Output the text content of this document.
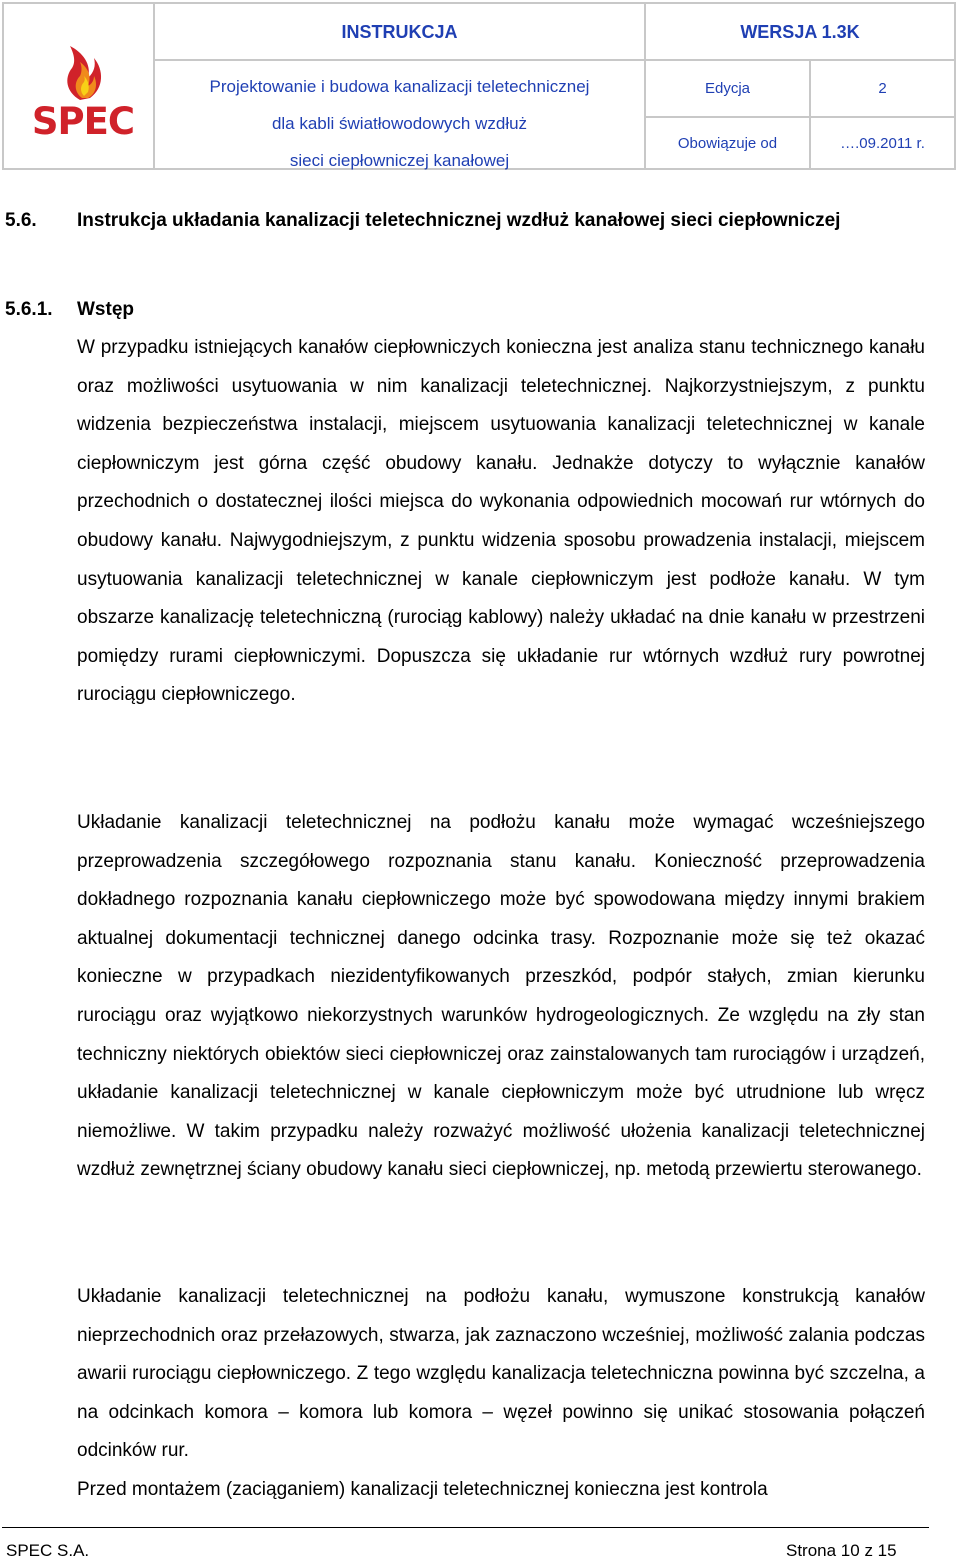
SPEC
INSTRUKCJA	WERSJA 1.3K
Projektowanie i budowa kanalizacji teletechnicznej
dla kabli światłowodowych wzdłuż
sieci ciepłowniczej kanałowej
Edycja	2
Obowiązuje od	….09.2011 r.
5.6. Instrukcja układania kanalizacji teletechnicznej wzdłuż kanałowej sieci ciepłowniczej
5.6.1. Wstęp

W przypadku istniejących kanałów ciepłowniczych konieczna jest analiza stanu technicznego kanału oraz możliwości usytuowania w nim kanalizacji teletechnicznej. Najkorzystniejszym, z punktu widzenia bezpieczeństwa instalacji, miejscem usytuowania kanalizacji teletechnicznej w kanale ciepłowniczym jest górna część obudowy kanału. Jednakże dotyczy to wyłącznie kanałów przechodnich o dostatecznej ilości miejsca do wykonania odpowiednich mocowań rur wtórnych do obudowy kanału. Najwygodniejszym, z punktu widzenia sposobu prowadzenia instalacji, miejscem usytuowania kanalizacji teletechnicznej w kanale ciepłowniczym jest podłoże kanału. W tym obszarze kanalizację teletechniczną (rurociąg kablowy) należy układać na dnie kanału w przestrzeni pomiędzy rurami ciepłowniczymi. Dopuszcza się układanie rur wtórnych wzdłuż rury powrotnej rurociągu ciepłowniczego.

Układanie kanalizacji teletechnicznej na podłożu kanału może wymagać wcześniejszego przeprowadzenia szczegółowego rozpoznania stanu kanału. Konieczność przeprowadzenia dokładnego rozpoznania kanału ciepłowniczego może być spowodowana między innymi brakiem aktualnej dokumentacji technicznej danego odcinka trasy. Rozpoznanie może się też okazać konieczne w przypadkach niezidentyfikowanych przeszkód, podpór stałych, zmian kierunku rurociągu oraz wyjątkowo niekorzystnych warunków hydrogeologicznych. Ze względu na zły stan techniczny niektórych obiektów sieci ciepłowniczej oraz zainstalowanych tam rurociągów i urządzeń, układanie kanalizacji teletechnicznej w kanale ciepłowniczym może być utrudnione lub wręcz niemożliwe. W takim przypadku należy rozważyć możliwość ułożenia kanalizacji teletechnicznej wzdłuż zewnętrznej ściany obudowy kanału sieci ciepłowniczej, np. metodą przewiertu sterowanego.

Układanie kanalizacji teletechnicznej na podłożu kanału, wymuszone konstrukcją kanałów nieprzechodnich oraz przełazowych, stwarza, jak zaznaczono wcześniej, możliwość zalania podczas awarii rurociągu ciepłowniczego. Z tego względu kanalizacja teletechniczna powinna być szczelna, a na odcinkach komora – komora lub komora – węzeł powinno się unikać stosowania połączeń odcinków rur.

Przed montażem (zaciąganiem) kanalizacji teletechnicznej konieczna jest kontrola

SPEC S.A.	Strona 10 z 15
